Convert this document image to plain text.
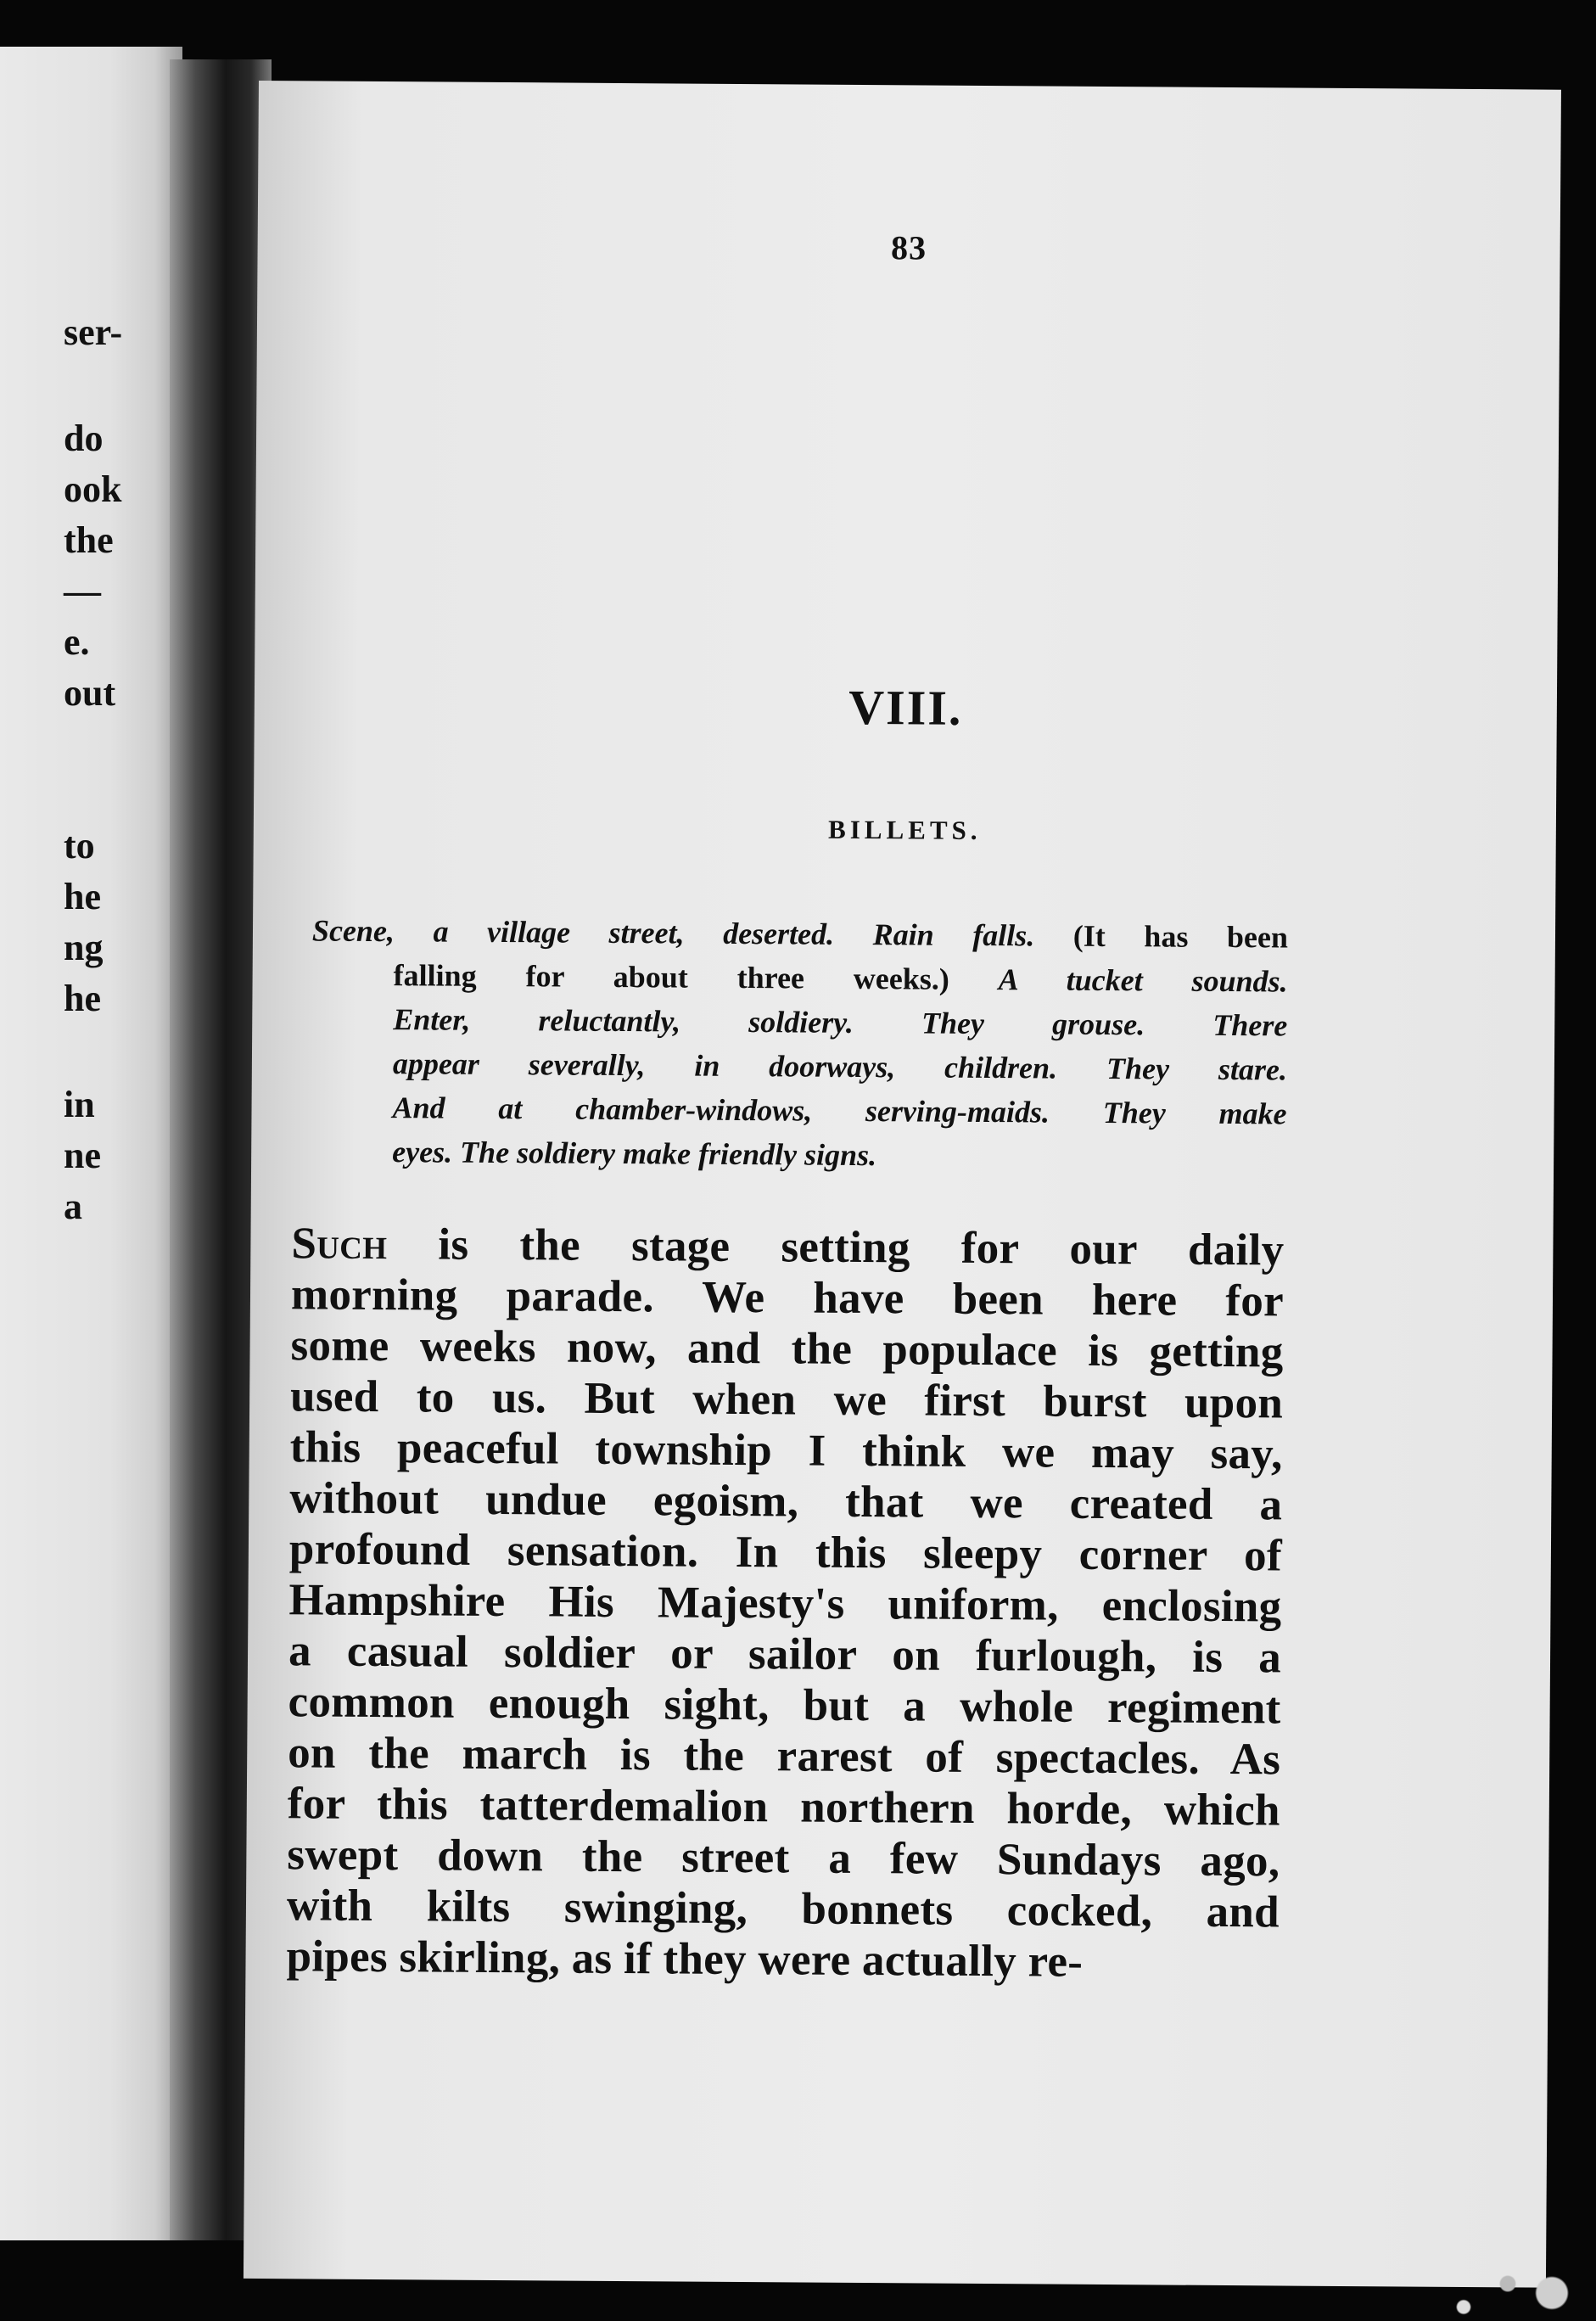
ser-
do
ook
the
—
e.
out
to
he
ng
he
in
ne
a
83
VIII.
BILLETS.
Scene, a village street, deserted. Rain falls. (It has been
falling for about three weeks.) A tucket sounds.
Enter, reluctantly, soldiery. They grouse. There
appear severally, in doorways, children. They stare.
And at chamber-windows, serving-maids. They make
eyes. The soldiery make friendly signs.
Such is the stage setting for our daily
morning parade. We have been here for
some weeks now, and the populace is getting
used to us. But when we first burst upon
this peaceful township I think we may say,
without undue egoism, that we created a
profound sensation. In this sleepy corner of
Hampshire His Majesty's uniform, enclosing
a casual soldier or sailor on furlough, is a
common enough sight, but a whole regiment
on the march is the rarest of spectacles. As
for this tatterdemalion northern horde, which
swept down the street a few Sundays ago,
with kilts swinging, bonnets cocked, and
pipes skirling, as if they were actually re-
